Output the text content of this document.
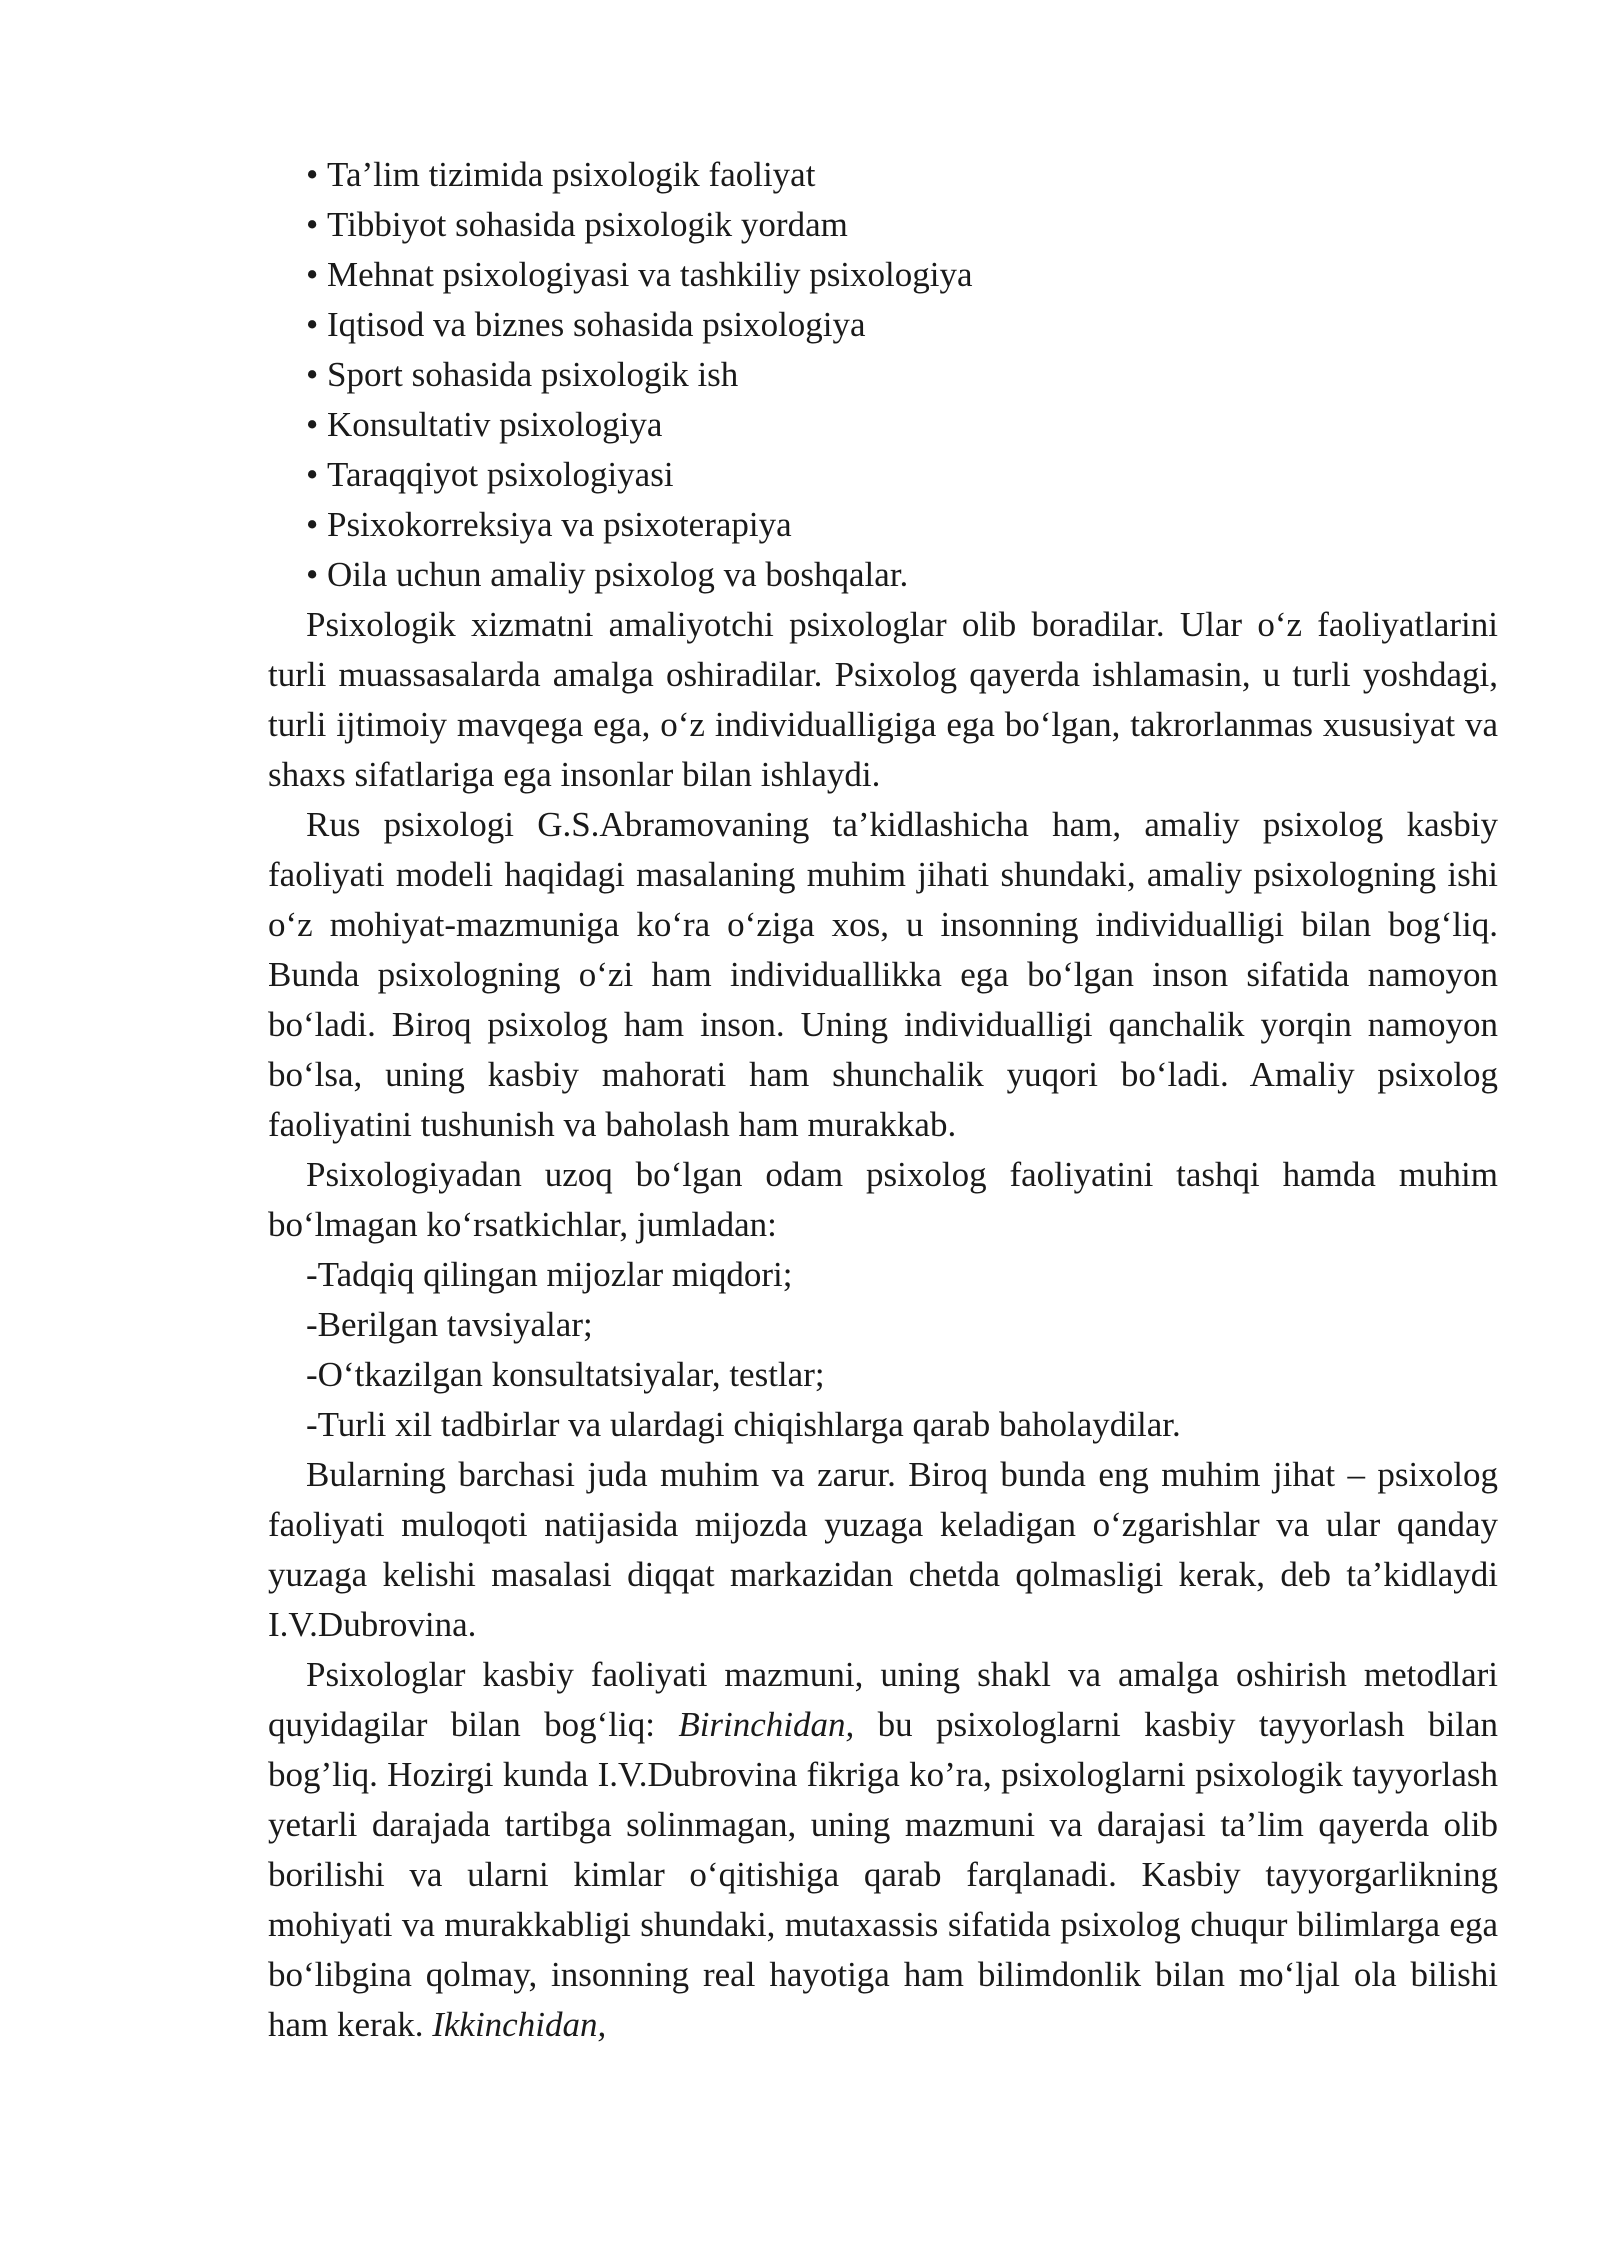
• Ta’lim tizimida psixologik faoliyat
• Tibbiyot sohasida psixologik yordam
• Mehnat psixologiyasi va tashkiliy psixologiya
• Iqtisod va biznes sohasida psixologiya
• Sport sohasida psixologik ish
• Konsultativ psixologiya
• Taraqqiyot psixologiyasi
• Psixokorreksiya va psixoterapiya
• Oila uchun amaliy psixolog va boshqalar.

Psixologik xizmatni amaliyotchi psixologlar olib boradilar. Ular o‘z faoliyatlarini turli muassasalarda amalga oshiradilar. Psixolog qayerda ishlamasin, u turli yoshdagi, turli ijtimoiy mavqega ega, o‘z individualligiga ega bo‘lgan, takrorlanmas xususiyat va shaxs sifatlariga ega insonlar bilan ishlaydi.

Rus psixologi G.S.Abramovaning ta’kidlashicha ham, amaliy psixolog kasbiy faoliyati modeli haqidagi masalaning muhim jihati shundaki, amaliy psixologning ishi o‘z mohiyat-mazmuniga ko‘ra o‘ziga xos, u insonning individualligi bilan bog‘liq. Bunda psixologning o‘zi ham individuallikka ega bo‘lgan inson sifatida namoyon bo‘ladi. Biroq psixolog ham inson. Uning individualligi qanchalik yorqin namoyon bo‘lsa, uning kasbiy mahorati ham shunchalik yuqori bo‘ladi. Amaliy psixolog faoliyatini tushunish va baholash ham murakkab.

Psixologiyadan uzoq bo‘lgan odam psixolog faoliyatini tashqi hamda muhim bo‘lmagan ko‘rsatkichlar, jumladan:

-Tadqiq qilingan mijozlar miqdori;

-Berilgan tavsiyalar;

-O‘tkazilgan konsultatsiyalar, testlar;

-Turli xil tadbirlar va ulardagi chiqishlarga qarab baholaydilar.

Bularning barchasi juda muhim va zarur. Biroq bunda eng muhim jihat – psixolog faoliyati muloqoti natijasida mijozda yuzaga keladigan o‘zgarishlar va ular qanday yuzaga kelishi masalasi diqqat markazidan chetda qolmasligi kerak, deb ta’kidlaydi I.V.Dubrovina.

Psixologlar kasbiy faoliyati mazmuni, uning shakl va amalga oshirish metodlari quyidagilar bilan bog‘liq: Birinchidan, bu psixologlarni kasbiy tayyorlash bilan bog’liq. Hozirgi kunda I.V.Dubrovina fikriga ko’ra, psixologlarni psixologik tayyorlash yetarli darajada tartibga solinmagan, uning mazmuni va darajasi ta’lim qayerda olib borilishi va ularni kimlar o‘qitishiga qarab farqlanadi. Kasbiy tayyorgarlikning mohiyati va murakkabligi shundaki, mutaxassis sifatida psixolog chuqur bilimlarga ega bo‘libgina qolmay, insonning real hayotiga ham bilimdonlik bilan mo‘ljal ola bilishi ham kerak. Ikkinchidan,
